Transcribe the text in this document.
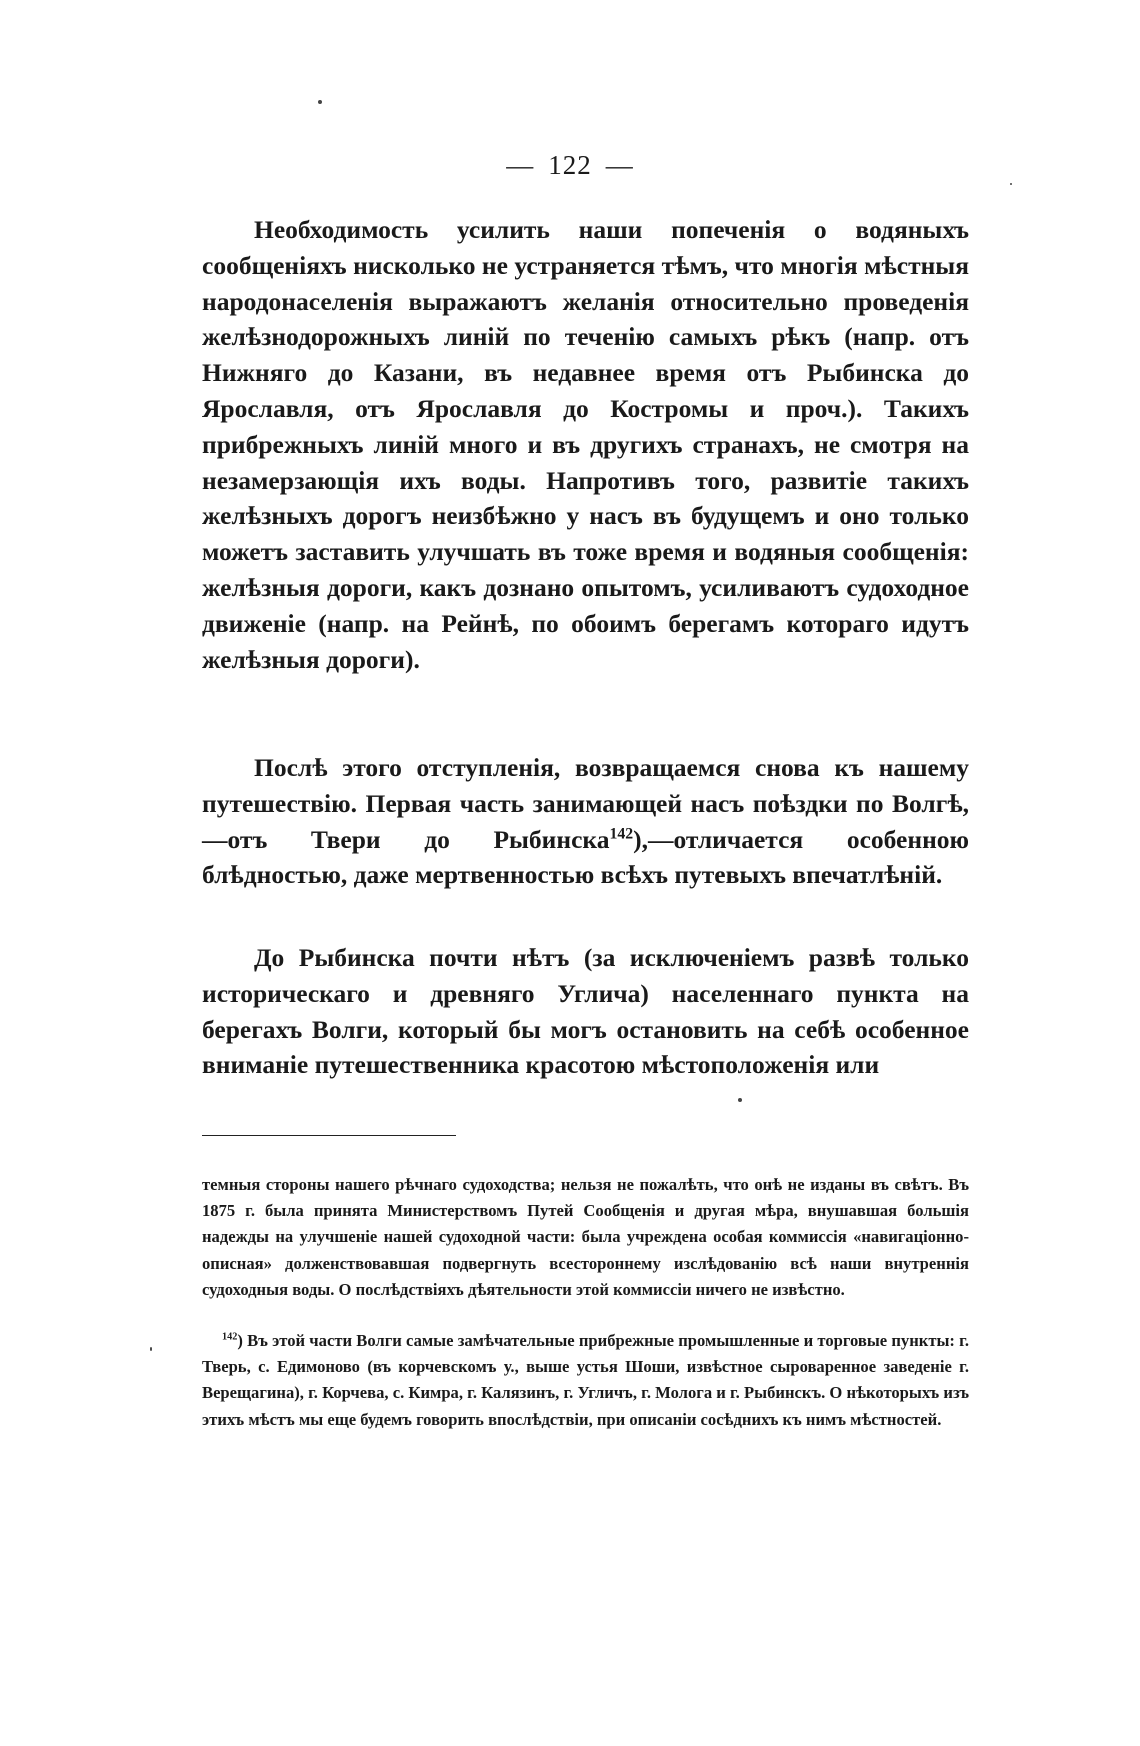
— 122 —

Необходимость усилить наши попеченія о водяныхъ сообщеніяхъ нисколько не устраняется тѣмъ, что многія мѣстныя народонаселенія выражаютъ желанія относительно проведенія желѣзнодорожныхъ линій по теченію самыхъ рѣкъ (напр. отъ Нижняго до Казани, въ недавнее время отъ Рыбинска до Ярославля, отъ Ярославля до Костромы и проч.). Такихъ прибрежныхъ линій много и въ другихъ странахъ, не смотря на незамерзающія ихъ воды. Напротивъ того, развитіе такихъ желѣзныхъ дорогъ неизбѣжно у насъ въ будущемъ и оно только можетъ заставить улучшать въ тоже время и водяныя сообщенія: желѣзныя дороги, какъ дознано опытомъ, усиливаютъ судоходное движеніе (напр. на Рейнѣ, по обоимъ берегамъ котораго идутъ желѣзныя дороги).

Послѣ этого отступленія, возвращаемся снова къ нашему путешествію. Первая часть занимающей насъ поѣздки по Волгѣ,—отъ Твери до Рыбинска$^{142}$),—отличается особенною блѣдностью, даже мертвенностью всѣхъ путевыхъ впечатлѣній.

До Рыбинска почти нѣтъ (за исключеніемъ развѣ только историческаго и древняго Углича) населеннаго пункта на берегахъ Волги, который бы могъ остановить на себѣ особенное вниманіе путешественника красотою мѣстоположенія или

темныя стороны нашего рѣчнаго судоходства; нельзя не пожалѣть, что онѣ не изданы въ свѣтъ. Въ 1875 г. была принята Министерствомъ Путей Сообщенія и другая мѣра, внушавшая большія надежды на улучшеніе нашей судоходной части: была учреждена особая коммиссія «навигаціонно-описная» долженствовавшая подвергнуть всестороннему изслѣдованію всѣ наши внутреннія судоходныя воды. О послѣдствіяхъ дѣятельности этой коммиссіи ничего не извѣстно.

$^{142}$) Въ этой части Волги самые замѣчательные прибрежные промышленные и торговые пункты: г. Тверь, с. Едимоново (въ корчевскомъ у., выше устья Шоши, извѣстное сыроваренное заведеніе г. Верещагина), г. Корчева, с. Кимра, г. Калязинъ, г. Угличъ, г. Молога и г. Рыбинскъ. О нѣкоторыхъ изъ этихъ мѣстъ мы еще будемъ говорить впослѣдствіи, при описаніи сосѣднихъ къ нимъ мѣстностей.
